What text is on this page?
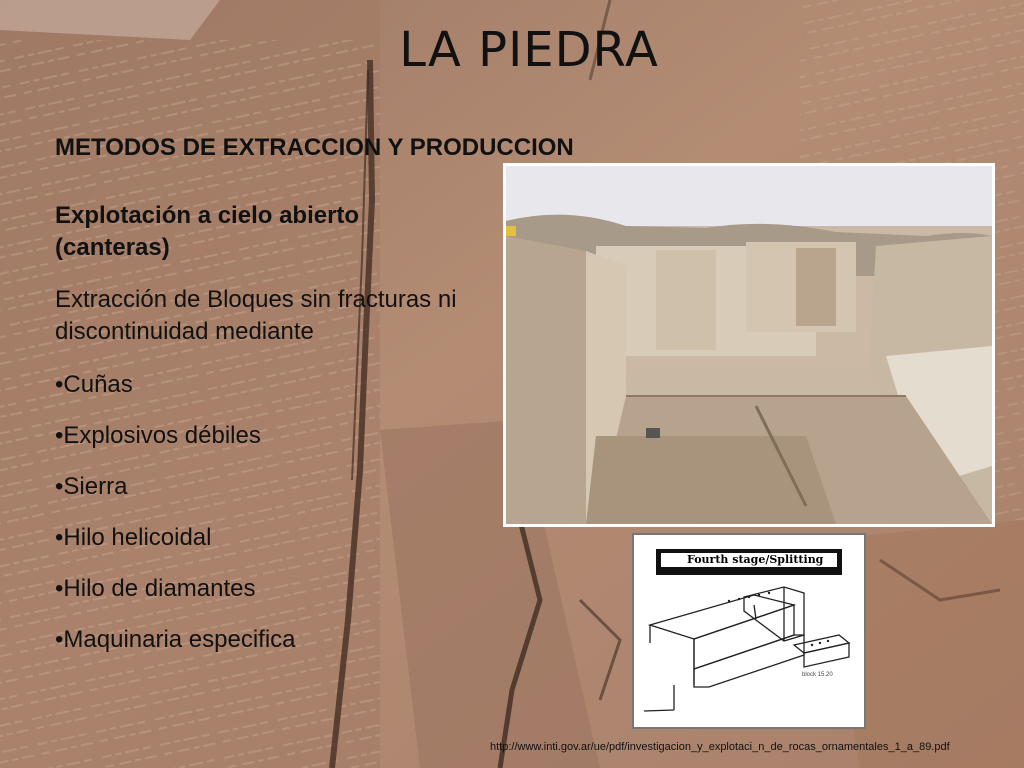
LA PIEDRA
METODOS DE EXTRACCION Y PRODUCCION
Explotación a cielo abierto (canteras)
Extracción de Bloques sin fracturas ni discontinuidad mediante
•Cuñas
•Explosivos débiles
•Sierra
•Hilo helicoidal
•Hilo de diamantes
•Maquinaria especifica
Fourth stage/Splitting
block 15.20
http://www.inti.gov.ar/ue/pdf/investigacion_y_explotaci_n_de_rocas_ornamentales_1_a_89.pdf
